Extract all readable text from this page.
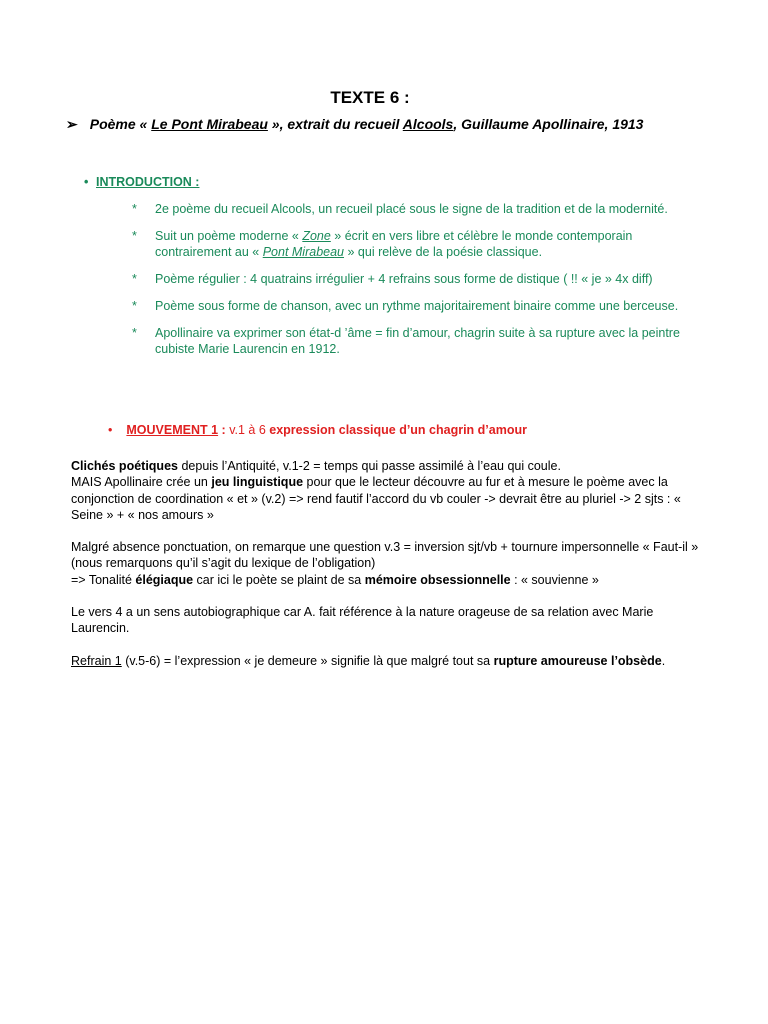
TEXTE 6 :
➢ Poème « Le Pont Mirabeau », extrait du recueil Alcools, Guillaume Apollinaire, 1913
• INTRODUCTION :
*	2e poème du recueil Alcools, un recueil placé sous le signe de la tradition et de la modernité.
*	Suit un poème moderne « Zone » écrit en vers libre et célèbre le monde contemporain contrairement au « Pont Mirabeau » qui relève de la poésie classique.
*	Poème régulier : 4 quatrains irrégulier + 4 refrains sous forme de distique ( !! « je » 4x diff)
*	Poème sous forme de chanson, avec un rythme majoritairement binaire comme une berceuse.
*	Apollinaire va exprimer son état-d ’âme = fin d’amour, chagrin suite à sa rupture avec la peintre cubiste Marie Laurencin en 1912.
• MOUVEMENT 1 : v.1 à 6 expression classique d’un chagrin d’amour

Clichés poétiques depuis l’Antiquité, v.1-2 = temps qui passe assimilé à l’eau qui coule.
MAIS Apollinaire crée un jeu linguistique pour que le lecteur découvre au fur et à mesure le poème avec la conjonction de coordination « et » (v.2) => rend fautif l’accord du vb couler -> devrait être au pluriel -> 2 sjts : « Seine » + « nos amours »

Malgré absence ponctuation, on remarque une question v.3 = inversion sjt/vb + tournure impersonnelle « Faut-il » (nous remarquons qu’il s’agit du lexique de l’obligation)
=> Tonalité élégiaque car ici le poète se plaint de sa mémoire obsessionnelle : « souvienne »

Le vers 4 a un sens autobiographique car A. fait référence à la nature orageuse de sa relation avec Marie Laurencin.

Refrain 1 (v.5-6) = l’expression « je demeure » signifie là que malgré tout sa rupture amoureuse l’obsède.
